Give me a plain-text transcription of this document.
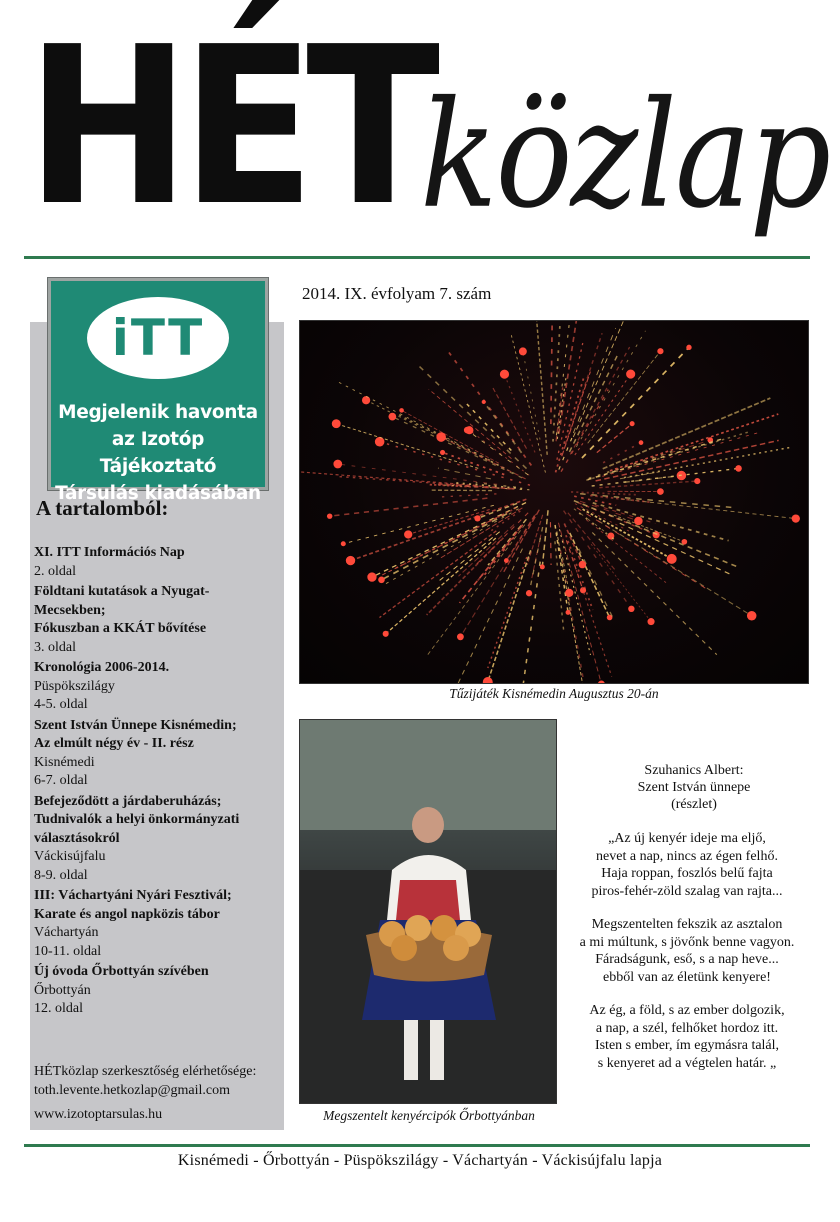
HÉT
közlap
iTT
Megjelenik havonta
az Izotóp Tájékoztató
Társulás kiadásában
A tartalomból:
XI. ITT Információs Nap
2. oldal
Földtani kutatások a Nyugat-Mecsekben;
Fókuszban a KKÁT bővítése
3. oldal
Kronológia 2006-2014.
Püspökszilágy
4-5. oldal
Szent István Ünnepe Kisnémedin;
Az elmúlt négy év - II. rész
Kisnémedi
6-7. oldal
Befejeződött a járdaberuházás;
Tudnivalók a helyi önkormányzati választásokról
Váckisújfalu
8-9. oldal
III: Váchartyáni Nyári Fesztivál;
Karate és angol napközis tábor
Váchartyán
10-11. oldal
Új óvoda Őrbottyán szívében
Őrbottyán
12. oldal
HÉTközlap szerkesztőség elérhetősége:
toth.levente.hetkozlap@gmail.com
www.izotoptarsulas.hu
2014. IX. évfolyam 7. szám
Tűzijáték Kisnémedin Augusztus 20-án
Megszentelt kenyércipók Őrbottyánban
Szuhanics Albert:
Szent István ünnepe
(részlet)
„Az új kenyér ideje ma eljő,
nevet a nap, nincs az égen felhő.
Haja roppan, foszlós belű fajta
piros-fehér-zöld szalag van rajta...
Megszentelten fekszik az asztalon
a mi múltunk, s jövőnk benne vagyon.
Fáradságunk, eső, s a nap heve...
ebből van az életünk kenyere!
Az ég, a föld, s az ember dolgozik,
a nap, a szél, felhőket hordoz itt.
Isten s ember, ím egymásra talál,
s kenyeret ad a végtelen határ. „
Kisnémedi - Őrbottyán - Püspökszilágy - Váchartyán - Váckisújfalu lapja
